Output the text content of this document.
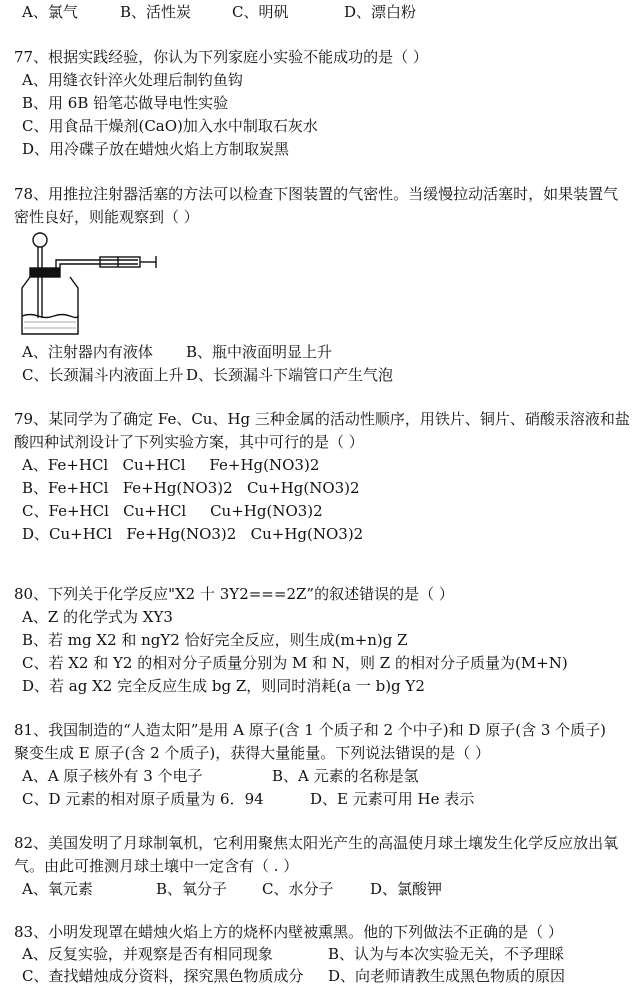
A、氯气	B、活性炭	C、明矾	D、漂白粉
77、根据实践经验，你认为下列家庭小实验不能成功的是（ ）
A、用缝衣针淬火处理后制钓鱼钩
B、用 6B 铅笔芯做导电性实验
C、用食品干燥剂(CaO)加入水中制取石灰水
D、用冷碟子放在蜡烛火焰上方制取炭黑
78、用推拉注射器活塞的方法可以检查下图装置的气密性。当缓慢拉动活塞时，如果装置气
密性良好，则能观察到（ ）
A、注射器内有液体	B、瓶中液面明显上升
C、长颈漏斗内液面上升 D、长颈漏斗下端管口产生气泡
79、某同学为了确定 Fe、Cu、Hg 三种金属的活动性顺序，用铁片、铜片、硝酸汞溶液和盐
酸四种试剂设计了下列实验方案，其中可行的是（ ）
A、Fe+HCl   Cu+HCl     Fe+Hg(NO3)2
B、Fe+HCl   Fe+Hg(NO3)2   Cu+Hg(NO3)2
C、Fe+HCl   Cu+HCl     Cu+Hg(NO3)2
D、Cu+HCl   Fe+Hg(NO3)2   Cu+Hg(NO3)2
80、下列关于化学反应"X2 十 3Y2===2Z”的叙述错误的是（ ）
A、Z 的化学式为 XY3
B、若 mg X2 和 ngY2 恰好完全反应，则生成(m+n)g Z
C、若 X2 和 Y2 的相对分子质量分别为 M 和 N，则 Z 的相对分子质量为(M+N)
D、若 ag X2 完全反应生成 bg Z，则同时消耗(a 一 b)g Y2
81、我国制造的“人造太阳”是用 A 原子(含 1 个质子和 2 个中子)和 D 原子(含 3 个质子)
聚变生成 E 原子(含 2 个质子)，获得大量能量。下列说法错误的是（ ）
A、A 原子核外有 3 个电子	B、A 元素的名称是氢
C、D 元素的相对原子质量为 6．94	D、E 元素可用 He 表示
82、美国发明了月球制氧机，它利用聚焦太阳光产生的高温使月球土壤发生化学反应放出氧
气。由此可推测月球土壤中一定含有（ . ）
A、氧元素	B、氧分子	C、水分子	D、氯酸钾
83、小明发现罩在蜡烛火焰上方的烧杯内壁被熏黑。他的下列做法不正确的是（ ）
A、反复实验，并观察是否有相同现象	B、认为与本次实验无关，不予理睬
C、查找蜡烛成分资料，探究黑色物质成分	D、向老师请教生成黑色物质的原因
